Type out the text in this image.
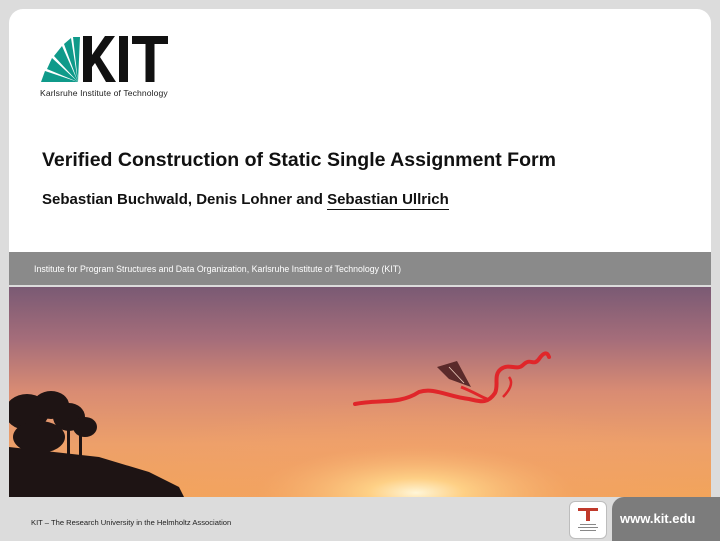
Karlsruhe Institute of Technology
Verified Construction of Static Single Assignment Form
Sebastian Buchwald, Denis Lohner and Sebastian Ullrich
Institute for Program Structures and Data Organization, Karlsruhe Institute of Technology (KIT)
KIT – The Research University in the Helmholtz Association	www.kit.edu
